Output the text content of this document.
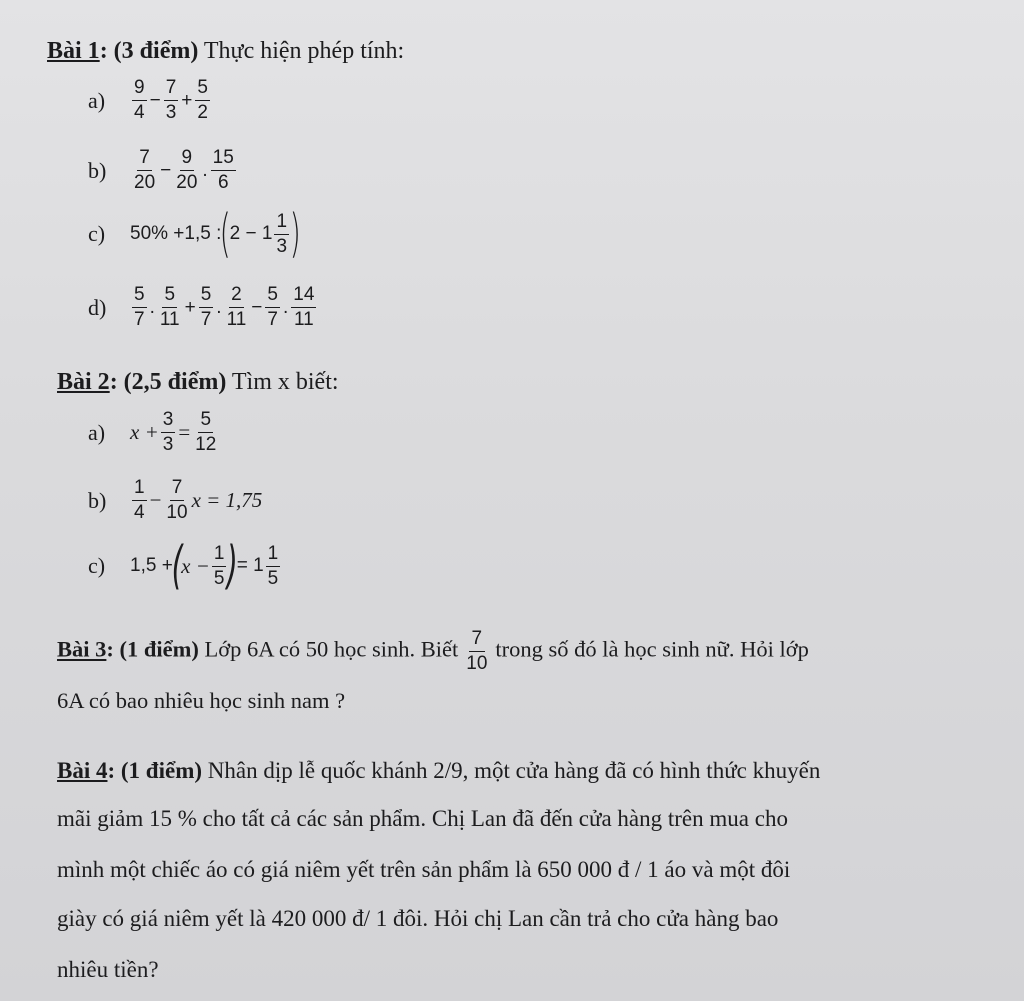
Bài 1: (3 điểm) Thực hiện phép tính:
a)	$\frac{9}{4} - \frac{7}{3} + \frac{5}{2}$
b)	$\frac{7}{20} - \frac{9}{20}$ . $\frac{15}{6}$
c)	50% +1,5 :
(
$2 - 1 \frac{1}{3}$ )
d)	$\frac{5}{7}$ . $\frac{5}{11} + \frac{5}{7}$ . $\frac{2}{11} - \frac{5}{7}$ . $\frac{14}{11}$
Bài 2: (2,5 điểm) Tìm x biết:
a)	$x + \frac{3}{3} = \frac{5}{12}$
b)	$\frac{1}{4} - \frac{7}{10}$ x = 1,75
c)	1,5 +
(
$x - \frac{1}{5}$ )
= $1 \frac{1}{5}$
Bài 3: (1 điểm) Lớp 6A có 50 học sinh. Biết $\frac{7}{10}$ trong số đó là học sinh nữ. Hỏi lớp
6A có bao nhiêu học sinh nam ?
Bài 4: (1 điểm) Nhân dịp lễ quốc khánh 2/9, một cửa hàng đã có hình thức khuyến
mãi giảm 15 % cho tất cả các sản phẩm. Chị Lan đã đến cửa hàng trên mua cho
mình một chiếc áo có giá niêm yết trên sản phẩm là 650 000 đ / 1 áo và một đôi
giày có giá niêm yết là 420 000 đ/ 1 đôi. Hỏi chị Lan cần trả cho cửa hàng bao
nhiêu tiền?
